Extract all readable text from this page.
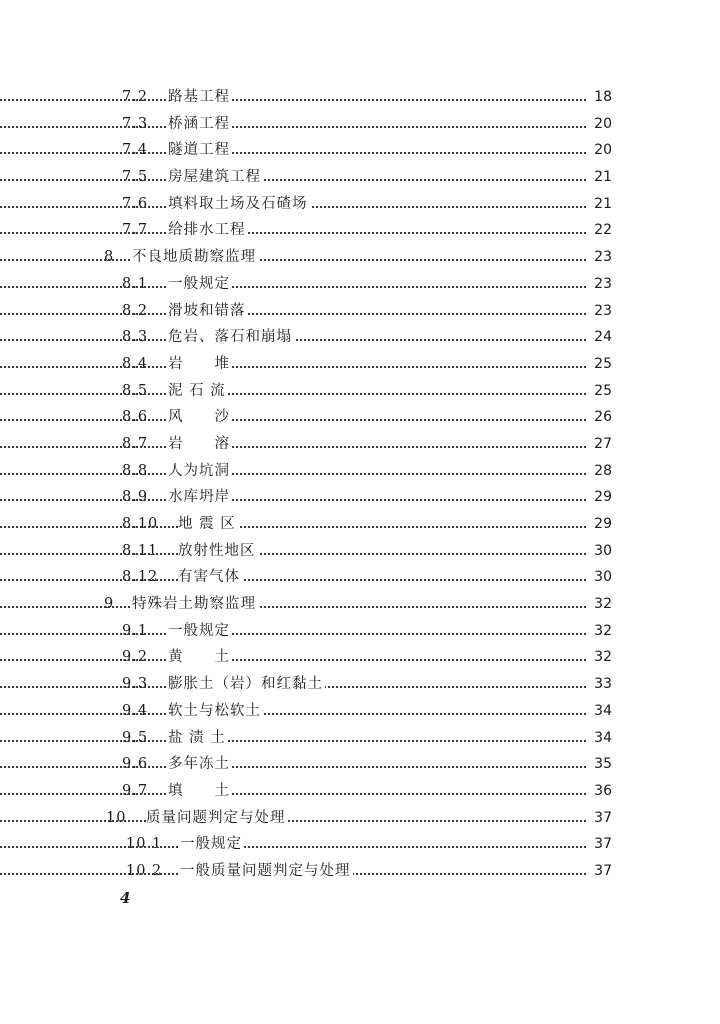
7.2 路基工程	18
7.3 桥涵工程	20
7.4 隧道工程	20
7.5 房屋建筑工程	21
7.6 填料取土场及石碴场	21
7.7 给排水工程	22
8 不良地质勘察监理	23
8.1 一般规定	23
8.2 滑坡和错落	23
8.3 危岩、落石和崩塌	24
8.4 岩　　堆	25
8.5 泥 石 流	25
8.6 风　　沙	26
8.7 岩　　溶	27
8.8 人为坑洞	28
8.9 水库坍岸	29
8.10 地 震 区	29
8.11 放射性地区	30
8.12 有害气体	30
9 特殊岩土勘察监理	32
9.1 一般规定	32
9.2 黄　　土	32
9.3 膨胀土（岩）和红黏土	33
9.4 软土与松软土	34
9.5 盐 渍 土	34
9.6 多年冻土	35
9.7 填　　土	36
10 质量问题判定与处理	37
10.1 一般规定	37
10.2 一般质量问题判定与处理	37
4
